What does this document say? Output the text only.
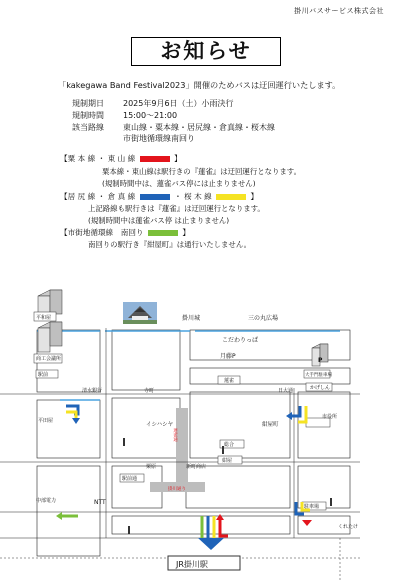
掛川バスサービス株式会社
お知らせ
「kakegawa Band Festival2023」開催のためバスは迂回運行いたします。
規制期日 2025年9月6日（土）小雨決行
規制時間 15:00～21:00
該当路線 東山線・粟本線・居尻線・倉真線・桜木線
市街地循環線南回り
【粟 本 線 ・ 東 山 線	】
粟本線・東山線は駅行きの『蓮雀』は迂回運行となります。
(規制時間中は、蓮雀バス停には止まりません)
【居 尻 線 ・ 倉 真 線	・ 桜 木 線	】
上記路線も駅行きは『蓮雀』は迂回運行となります。
(規制時間中は蓮雀バス停 は止まりません)
【市街地循環線　南回り	】
南回りの駅行き『紺屋町』は通行いたしません。
平和屋	掛川城	三の丸広場
こだわりっぱ
月藤P
商工会議所
駅前
蓮雀
P
大手門駐車場
かげしん
清水銀行	寺町	日大通
市役所
平田屋
イシハシヤ	紺屋町
連雀通
総合
紺屋
駅前通
栗原	新町商店
掛川通り
中部電力	NTT
駐車場
くれたけ
JR掛川駅
